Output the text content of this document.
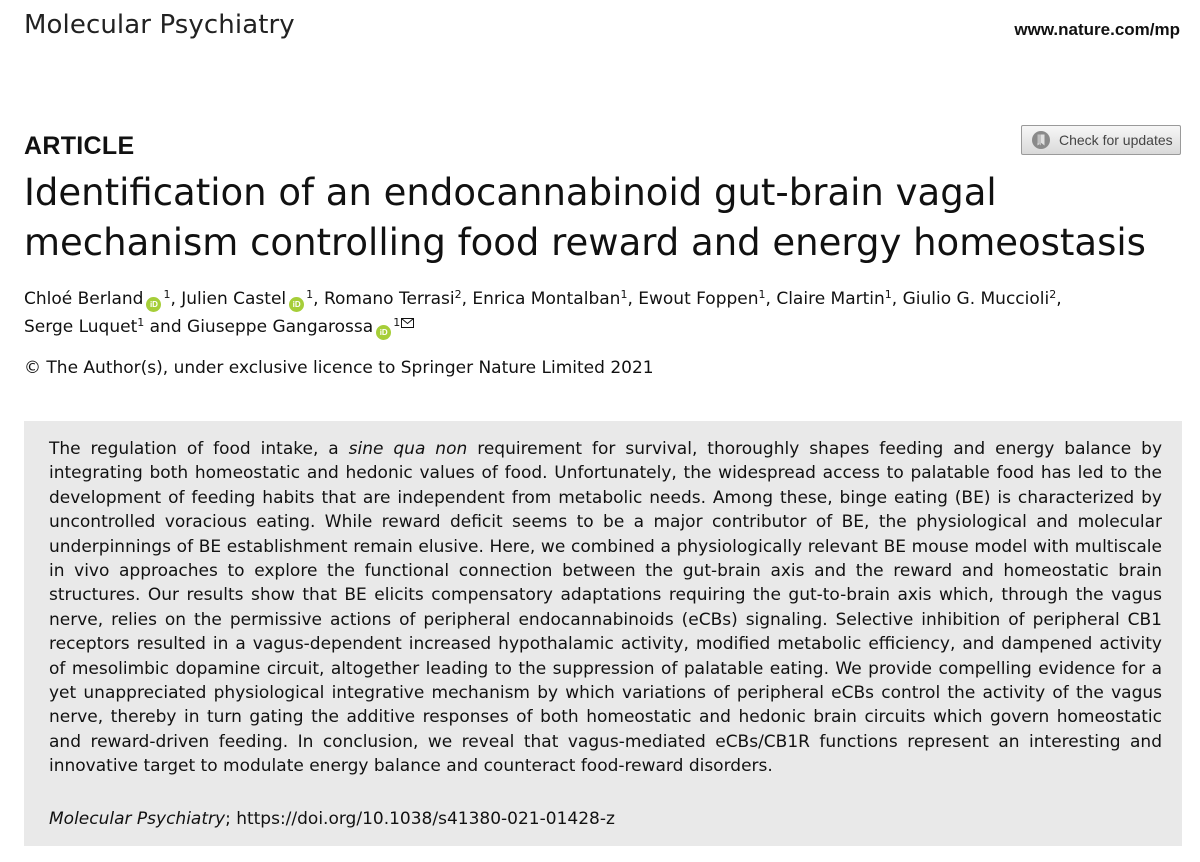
Molecular Psychiatry	www.nature.com/mp
ARTICLE	Check for updates
Identification of an endocannabinoid gut-brain vagal mechanism controlling food reward and energy homeostasis
Chloé Berland $iD^1$, Julien Castel $iD^1$, Romano Terrasi$^2$, Enrica Montalban$^1$, Ewout Foppen$^1$, Claire Martin$^1$, Giulio G. Muccioli$^2$, Serge Luquet$^1$ and Giuseppe Gangarossa $iD^1$
© The Author(s), under exclusive licence to Springer Nature Limited 2021

The regulation of food intake, a sine qua non requirement for survival, thoroughly shapes feeding and energy balance by integrating both homeostatic and hedonic values of food. Unfortunately, the widespread access to palatable food has led to the development of feeding habits that are independent from metabolic needs. Among these, binge eating (BE) is characterized by uncontrolled voracious eating. While reward deficit seems to be a major contributor of BE, the physiological and molecular underpinnings of BE establishment remain elusive. Here, we combined a physiologically relevant BE mouse model with multiscale in vivo approaches to explore the functional connection between the gut-brain axis and the reward and homeostatic brain structures. Our results show that BE elicits compensatory adaptations requiring the gut-to-brain axis which, through the vagus nerve, relies on the permissive actions of peripheral endocannabinoids (eCBs) signaling. Selective inhibition of peripheral CB1 receptors resulted in a vagus-dependent increased hypothalamic activity, modified metabolic efficiency, and dampened activity of mesolimbic dopamine circuit, altogether leading to the suppression of palatable eating. We provide compelling evidence for a yet unappreciated physiological integrative mechanism by which variations of peripheral eCBs control the activity of the vagus nerve, thereby in turn gating the additive responses of both homeostatic and hedonic brain circuits which govern homeostatic and reward-driven feeding. In conclusion, we reveal that vagus-mediated eCBs/CB1R functions represent an interesting and innovative target to modulate energy balance and counteract food-reward disorders.

Molecular Psychiatry; https://doi.org/10.1038/s41380-021-01428-z
